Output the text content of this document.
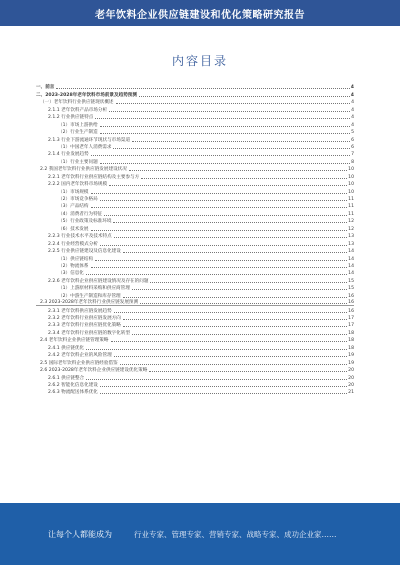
老年饮料企业供应链建设和优化策略研究报告
内容目录
一、前言	4
二、2023-2028年老年饮料市场前景及趋势预测	4
（一）老年饮料行业供应链现状概述	4
2.1.1 老年饮料产品市场分析	4
2.1.2 行业供应链特点	4
（1）市场上游供给	4
（2）行业生产制造	5
2.1.3 行业下游流通环节现状与市场渠道	6
（1）中国老年人消费需求	6
2.1.4 行业发展趋势	7
（1）行业主要问题	8
2.2 我国老年饮料行业供应链发展建设状况	10
2.2.1 老年饮料行业供应链结构及主要参与方	10
2.2.2 国内老年饮料市场规模	10
（1）市场规模	10
（2）市场竞争格局	11
（3）产品结构	11
（4）消费者行为特征	11
（5）行业政策及标准环境	12
（6）技术发展	12
2.2.3 行业技术水平及技术特点	13
2.2.4 行业经营模式分析	13
2.2.5 行业供应链建设及信息化建设	14
（1）供应链结构	14
（2）物流体系	14
（3）信息化	14
2.2.6 老年饮料企业供应链建设情况及存在的问题	15
（1）上游原材料采购和供应商管理	15
（2）中游生产制造和库存管理	16
2.3 2023-2028年老年饮料行业供应链发展预测	16
2.3.1 老年饮料供应链发展趋势	16
2.3.2 老年饮料行业供应链发展方向	17
2.3.3 老年饮料行业供应链优化策略	17
2.3.4 老年饮料行业供应链的数字化转型	18
2.4 老年饮料企业供应链管理策略	18
2.4.1 供应链优化	18
2.4.2 老年饮料企业的风险管理	19
2.5 国际老年饮料企业供应链经验借鉴	19
2.6 2023-2028年老年饮料企业供应链建设优化策略	20
2.6.1 供应链整合	20
2.6.2 智能化信息化建设	20
2.6.3 物流配送体系优化	21
让每个人都能成为	行业专家、管理专家、营销专家、战略专家、成功企业家……
